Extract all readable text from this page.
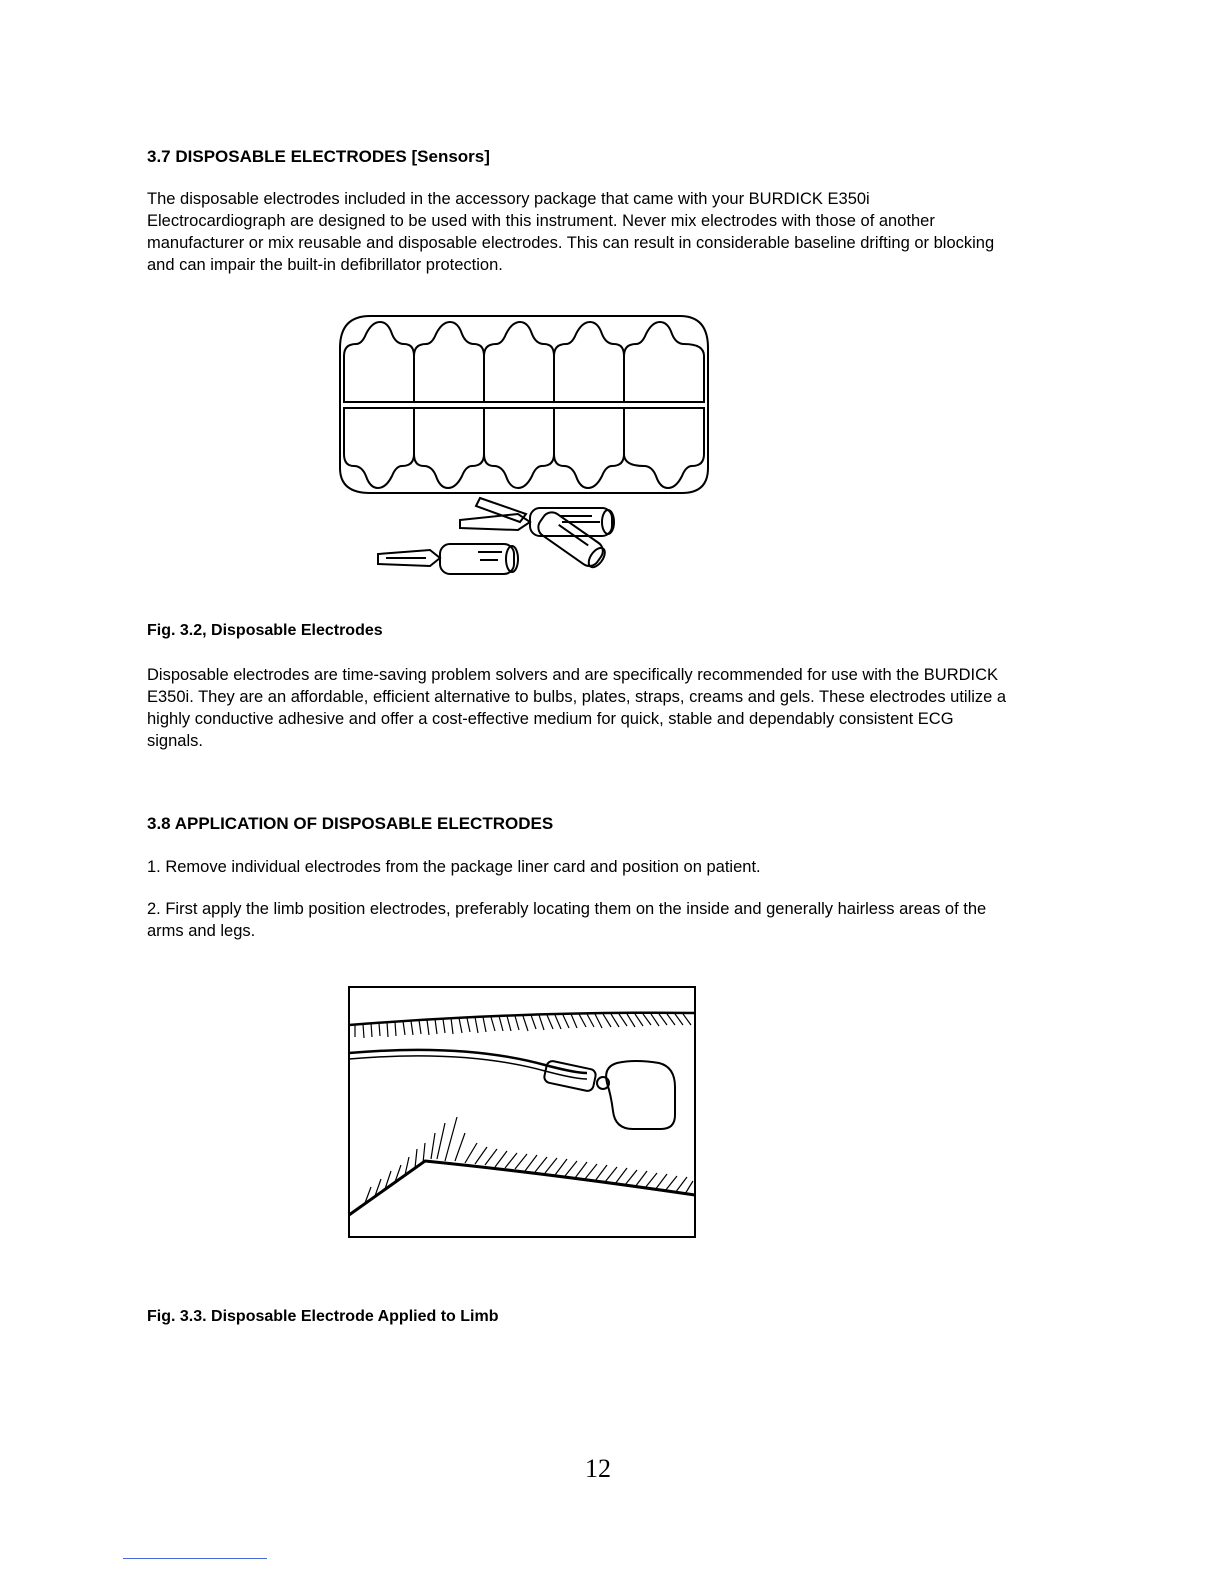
3.7 DISPOSABLE ELECTRODES [Sensors]

The disposable electrodes included in the accessory package that came with your BURDICK E350i Electrocardiograph are designed to be used with this instrument. Never mix electrodes with those of another manufacturer or mix reusable and disposable electrodes. This can result in considerable baseline drifting or blocking and can impair the built-in defibrillator protection.

Fig. 3.2, Disposable Electrodes

Disposable electrodes are time-saving problem solvers and are specifically recommended for use with the BURDICK E350i. They are an affordable, efficient alternative to bulbs, plates, straps, creams and gels. These electrodes utilize a highly conductive adhesive and offer a cost-effective medium for quick, stable and dependably consistent ECG signals.

3.8 APPLICATION OF DISPOSABLE ELECTRODES

1. Remove individual electrodes from the package liner card and position on patient.

2. First apply the limb position electrodes, preferably locating them on the inside and generally hairless areas of the arms and legs.

Fig. 3.3. Disposable Electrode Applied to Limb

12
